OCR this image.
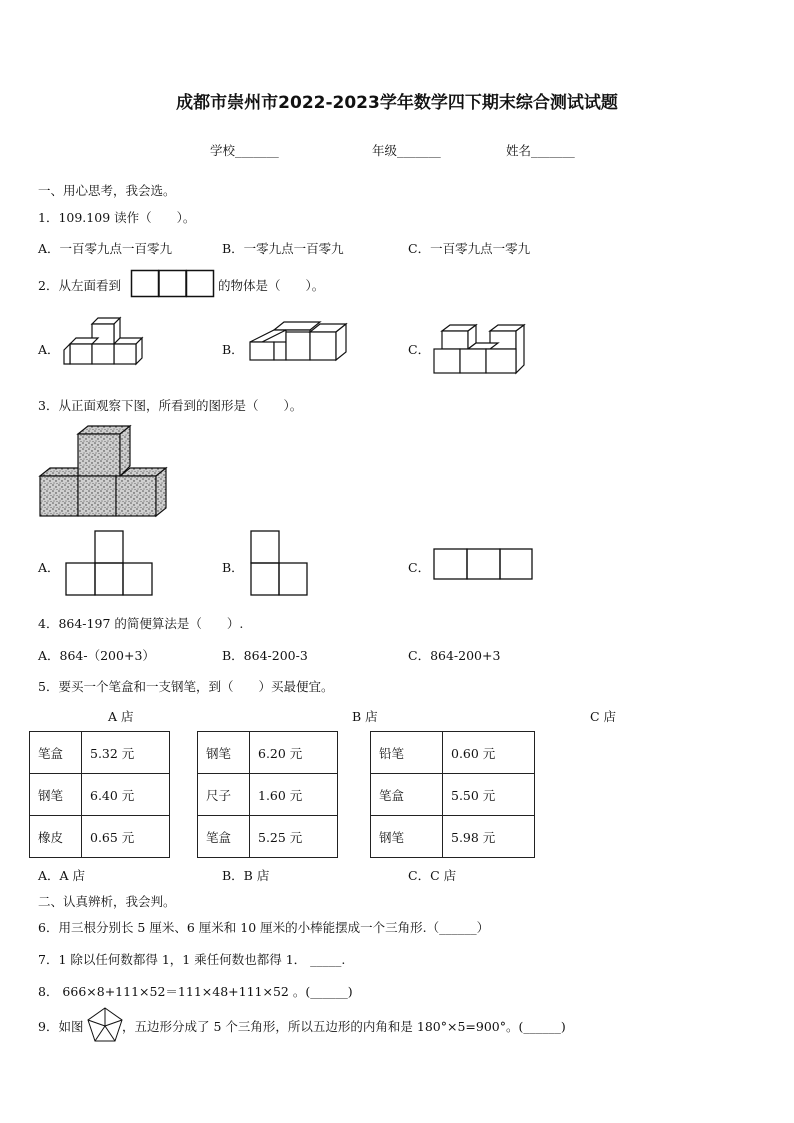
成都市崇州市2022-2023学年数学四下期末综合测试试题
学校_______	年级_______	姓名_______
一、用心思考，我会选。
1．109.109 读作（　　）。
A．一百零九点一百零九	B．一零九点一百零九	C．一百零九点一零九
2．从左面看到	的物体是（　　）。
A．	B．	C．
3．从正面观察下图，所看到的图形是（　　）。
A．	B．	C．
4．864-197 的简便算法是（　　）.
A．864-（200+3）	B．864-200-3	C．864-200+3
5．要买一个笔盒和一支钢笔，到（　　）买最便宜。
A 店	B 店	C 店
笔盒	5.32 元
钢笔	6.40 元
橡皮	0.65 元
钢笔	6.20 元
尺子	1.60 元
笔盒	5.25 元
铅笔	0.60 元
笔盒	5.50 元
钢笔	5.98 元
A．A 店	B．B 店	C．C 店
二、认真辨析，我会判。
6．用三根分别长 5 厘米、6 厘米和 10 厘米的小棒能摆成一个三角形.（______）
7．1 除以任何数都得 1，1 乘任何数也都得 1． _____.
8． 666×8+111×52＝111×48+111×52 。(______)
9．如图	，五边形分成了 5 个三角形，所以五边形的内角和是 180°×5=900°。(______)
